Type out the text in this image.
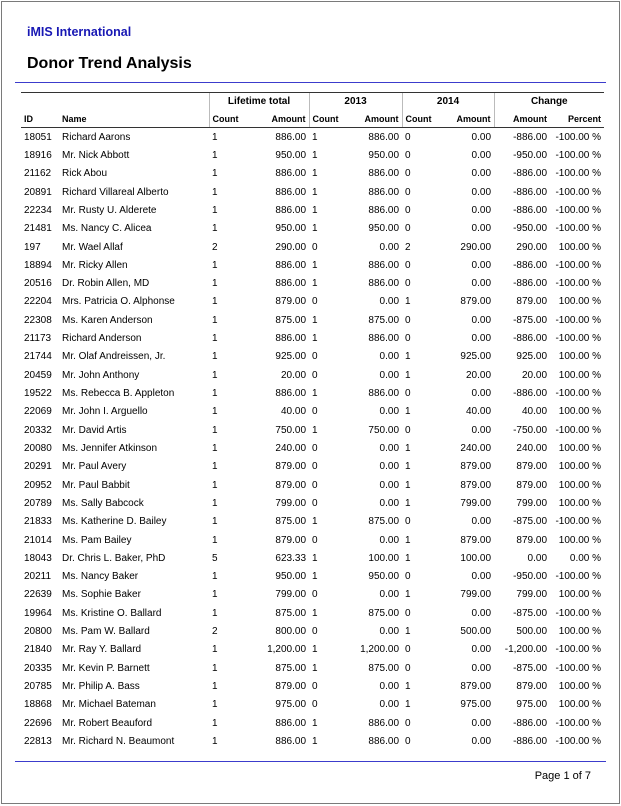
iMIS International
Donor Trend Analysis
		Lifetime total		2013		2014		Change	
ID	Name	Count	Amount	Count	Amount	Count	Amount	Amount	Percent
18051	Richard Aarons	1	886.00	1	886.00	0	0.00	-886.00	-100.00 %
18916	Mr. Nick Abbott	1	950.00	1	950.00	0	0.00	-950.00	-100.00 %
21162	Rick Abou	1	886.00	1	886.00	0	0.00	-886.00	-100.00 %
20891	Richard Villareal Alberto	1	886.00	1	886.00	0	0.00	-886.00	-100.00 %
22234	Mr. Rusty U. Alderete	1	886.00	1	886.00	0	0.00	-886.00	-100.00 %
21481	Ms. Nancy C. Alicea	1	950.00	1	950.00	0	0.00	-950.00	-100.00 %
197	Mr. Wael Allaf	2	290.00	0	0.00	2	290.00	290.00	100.00 %
18894	Mr. Ricky Allen	1	886.00	1	886.00	0	0.00	-886.00	-100.00 %
20516	Dr. Robin Allen, MD	1	886.00	1	886.00	0	0.00	-886.00	-100.00 %
22204	Mrs. Patricia O. Alphonse	1	879.00	0	0.00	1	879.00	879.00	100.00 %
22308	Ms. Karen Anderson	1	875.00	1	875.00	0	0.00	-875.00	-100.00 %
21173	Richard Anderson	1	886.00	1	886.00	0	0.00	-886.00	-100.00 %
21744	Mr. Olaf Andreissen, Jr.	1	925.00	0	0.00	1	925.00	925.00	100.00 %
20459	Mr. John Anthony	1	20.00	0	0.00	1	20.00	20.00	100.00 %
19522	Ms. Rebecca B. Appleton	1	886.00	1	886.00	0	0.00	-886.00	-100.00 %
22069	Mr. John I. Arguello	1	40.00	0	0.00	1	40.00	40.00	100.00 %
20332	Mr. David Artis	1	750.00	1	750.00	0	0.00	-750.00	-100.00 %
20080	Ms. Jennifer Atkinson	1	240.00	0	0.00	1	240.00	240.00	100.00 %
20291	Mr. Paul Avery	1	879.00	0	0.00	1	879.00	879.00	100.00 %
20952	Mr. Paul Babbit	1	879.00	0	0.00	1	879.00	879.00	100.00 %
20789	Ms. Sally Babcock	1	799.00	0	0.00	1	799.00	799.00	100.00 %
21833	Ms. Katherine D. Bailey	1	875.00	1	875.00	0	0.00	-875.00	-100.00 %
21014	Ms. Pam Bailey	1	879.00	0	0.00	1	879.00	879.00	100.00 %
18043	Dr. Chris L. Baker, PhD	5	623.33	1	100.00	1	100.00	0.00	0.00 %
20211	Ms. Nancy Baker	1	950.00	1	950.00	0	0.00	-950.00	-100.00 %
22639	Ms. Sophie Baker	1	799.00	0	0.00	1	799.00	799.00	100.00 %
19964	Ms. Kristine O. Ballard	1	875.00	1	875.00	0	0.00	-875.00	-100.00 %
20800	Ms. Pam W. Ballard	2	800.00	0	0.00	1	500.00	500.00	100.00 %
21840	Mr. Ray Y. Ballard	1	1,200.00	1	1,200.00	0	0.00	-1,200.00	-100.00 %
20335	Mr. Kevin P. Barnett	1	875.00	1	875.00	0	0.00	-875.00	-100.00 %
20785	Mr. Philip A. Bass	1	879.00	0	0.00	1	879.00	879.00	100.00 %
18868	Mr. Michael Bateman	1	975.00	0	0.00	1	975.00	975.00	100.00 %
22696	Mr. Robert Beauford	1	886.00	1	886.00	0	0.00	-886.00	-100.00 %
22813	Mr. Richard N. Beaumont	1	886.00	1	886.00	0	0.00	-886.00	-100.00 %
Page 1 of 7
